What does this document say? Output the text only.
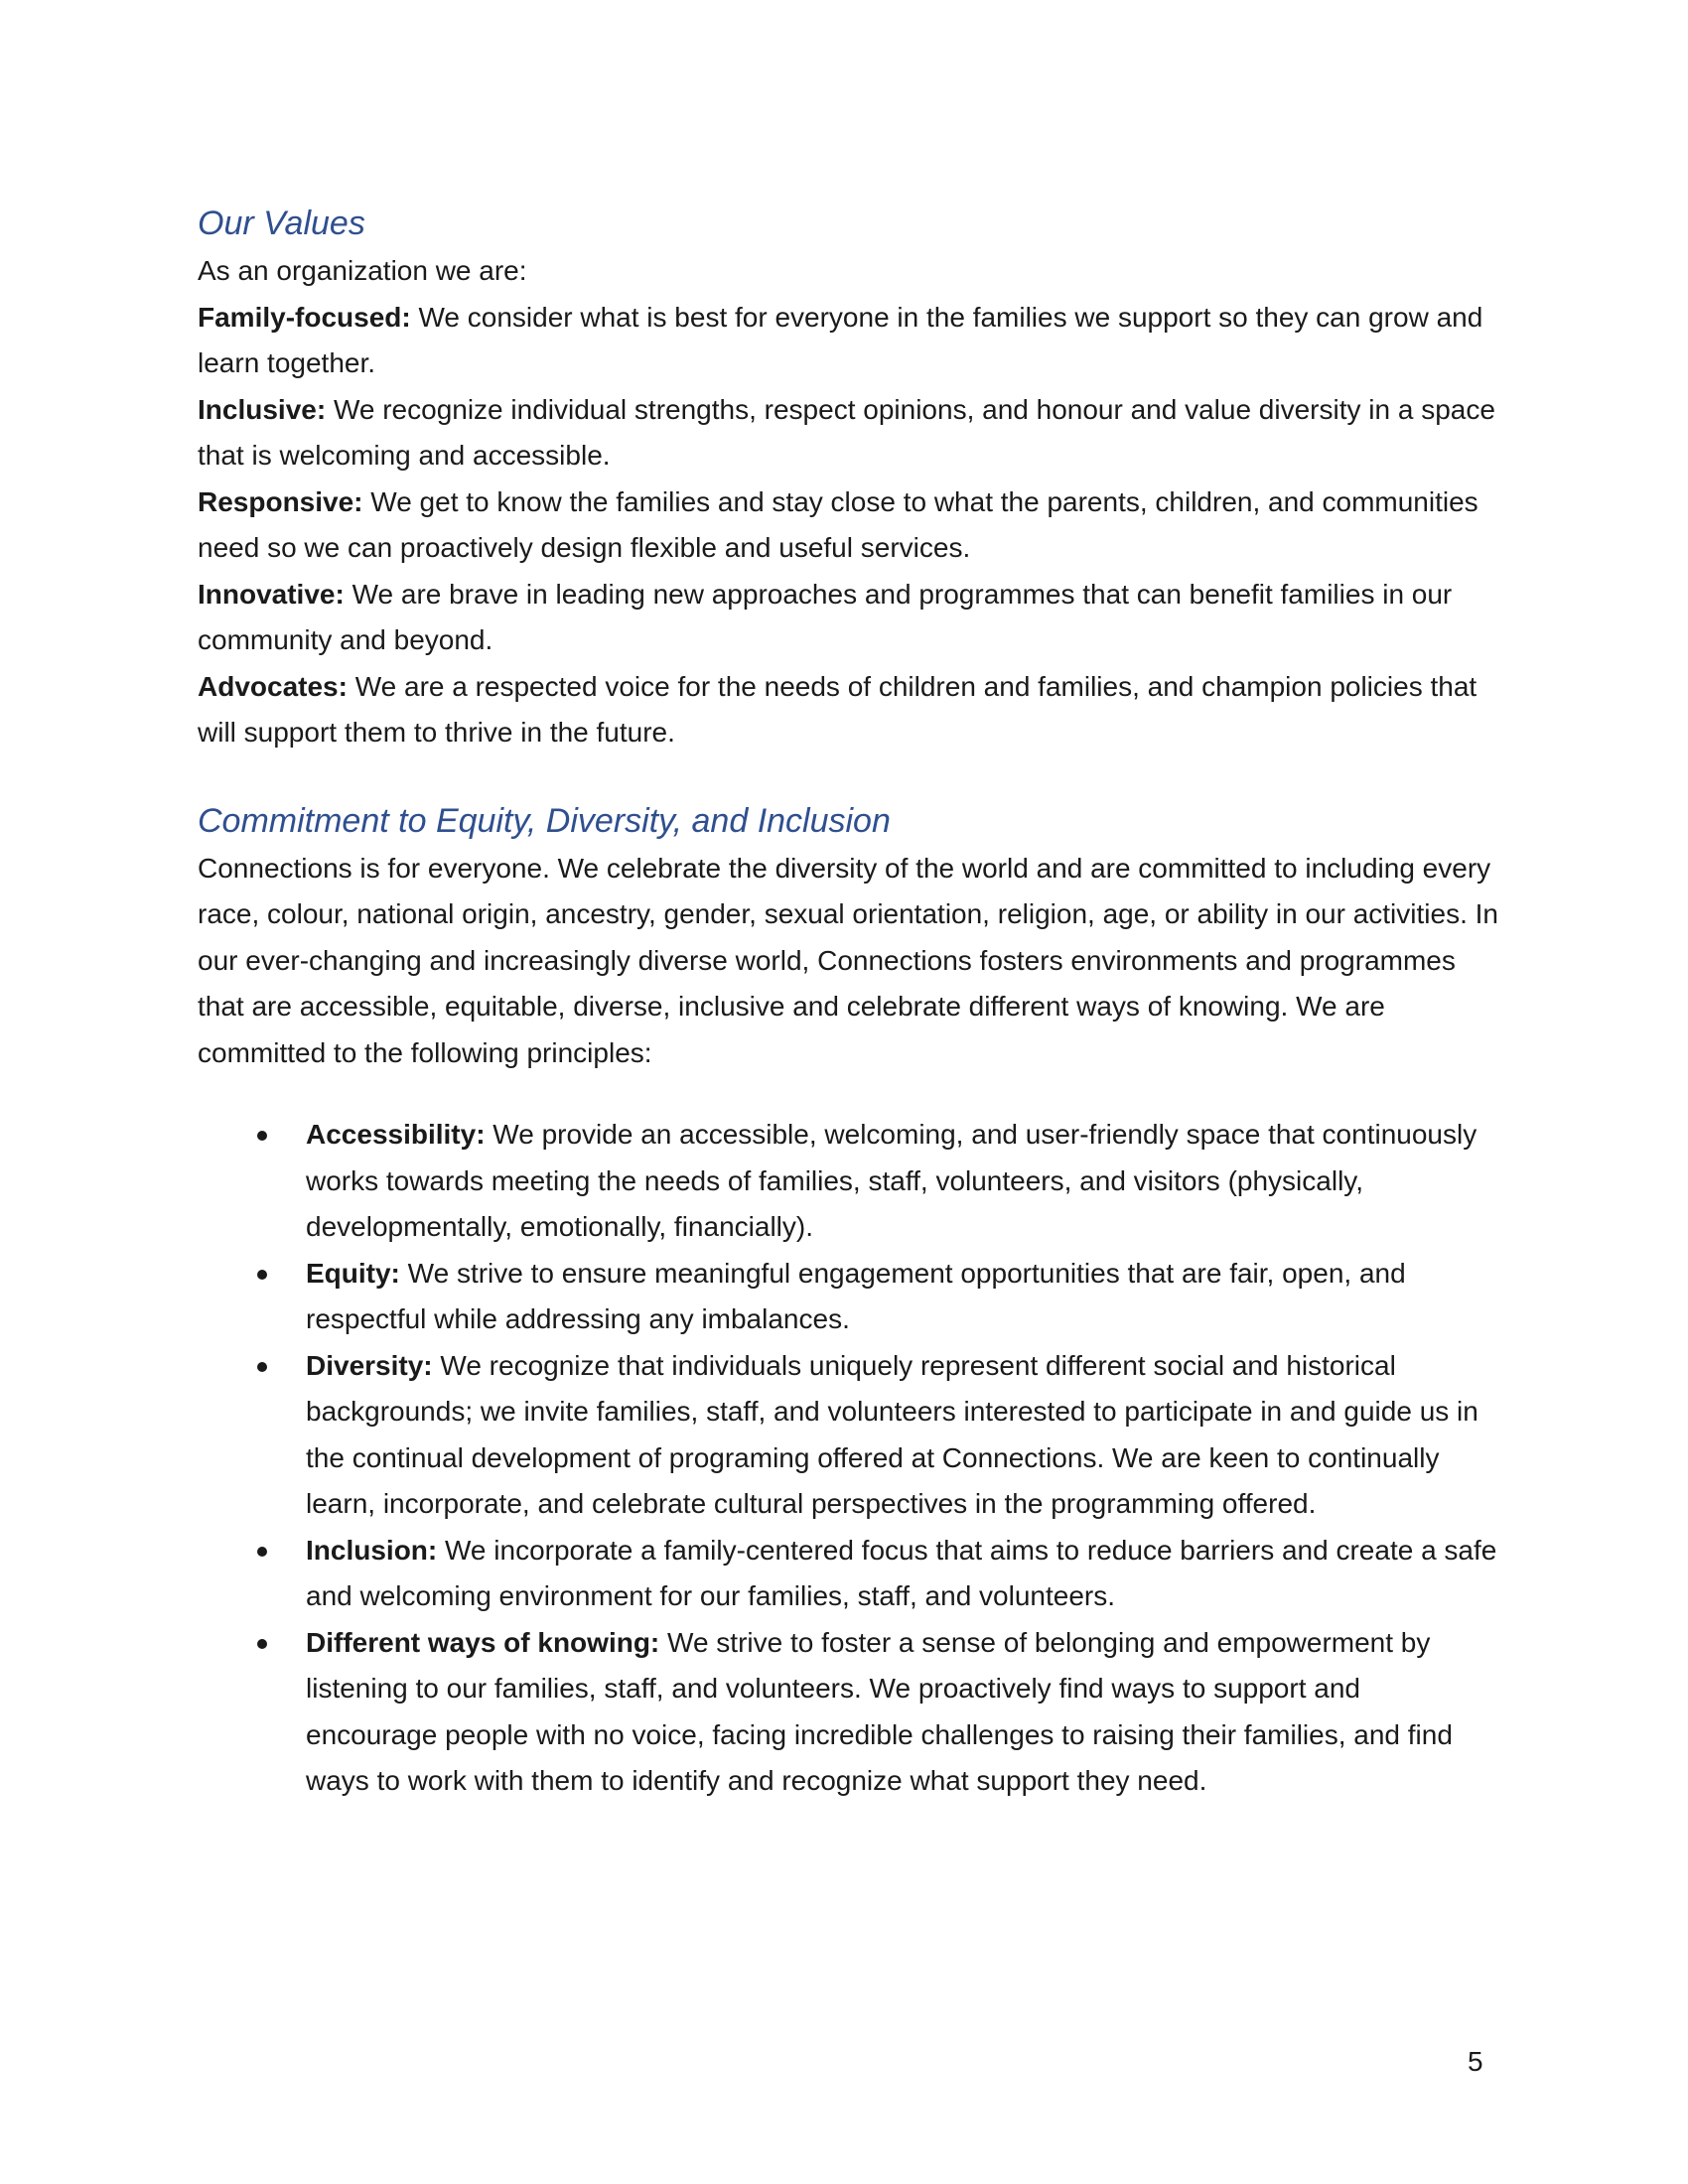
Our Values

As an organization we are:

Family-focused: We consider what is best for everyone in the families we support so they can grow and learn together.

Inclusive: We recognize individual strengths, respect opinions, and honour and value diversity in a space that is welcoming and accessible.

Responsive: We get to know the families and stay close to what the parents, children, and communities need so we can proactively design flexible and useful services.

Innovative: We are brave in leading new approaches and programmes that can benefit families in our community and beyond.

Advocates: We are a respected voice for the needs of children and families, and champion policies that will support them to thrive in the future.

Commitment to Equity, Diversity, and Inclusion

Connections is for everyone. We celebrate the diversity of the world and are committed to including every race, colour, national origin, ancestry, gender, sexual orientation, religion, age, or ability in our activities. In our ever-changing and increasingly diverse world, Connections fosters environments and programmes that are accessible, equitable, diverse, inclusive and celebrate different ways of knowing. We are committed to the following principles:

Accessibility: We provide an accessible, welcoming, and user-friendly space that continuously works towards meeting the needs of families, staff, volunteers, and visitors (physically, developmentally, emotionally, financially).
Equity: We strive to ensure meaningful engagement opportunities that are fair, open, and respectful while addressing any imbalances.
Diversity: We recognize that individuals uniquely represent different social and historical backgrounds; we invite families, staff, and volunteers interested to participate in and guide us in the continual development of programing offered at Connections. We are keen to continually learn, incorporate, and celebrate cultural perspectives in the programming offered.
Inclusion: We incorporate a family-centered focus that aims to reduce barriers and create a safe and welcoming environment for our families, staff, and volunteers.
Different ways of knowing: We strive to foster a sense of belonging and empowerment by listening to our families, staff, and volunteers. We proactively find ways to support and encourage people with no voice, facing incredible challenges to raising their families, and find ways to work with them to identify and recognize what support they need.
5
